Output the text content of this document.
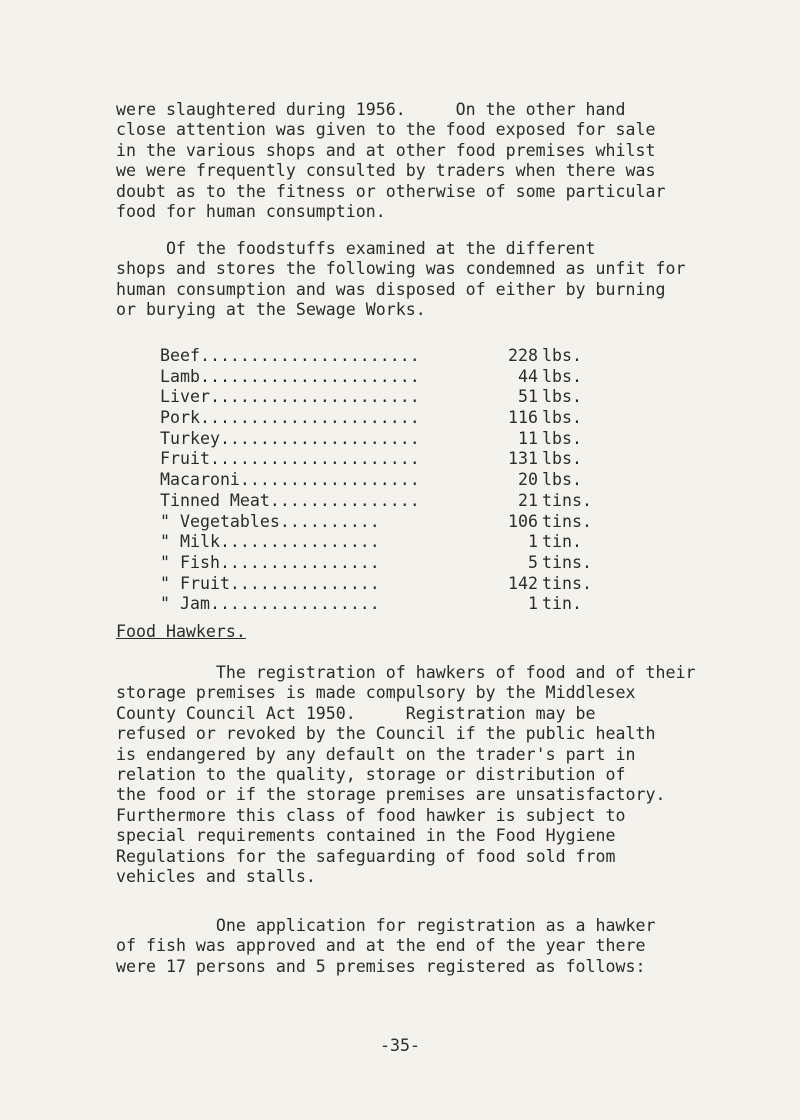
were slaughtered during 1956.     On the other hand
close attention was given to the food exposed for sale
in the various shops and at other food premises whilst
we were frequently consulted by traders when there was
doubt as to the fitness or otherwise of some particular
food for human consumption.

Of the foodstuffs examined at the different
shops and stores the following was condemned as unfit for
human consumption and was disposed of either by burning
or burying at the Sewage Works.

Beef......................	228 lbs.
Lamb......................	44 lbs.
Liver.....................	51 lbs.
Pork......................	116 lbs.
Turkey....................	11 lbs.
Fruit.....................	131 lbs.
Macaroni..................	20 lbs.
Tinned Meat...............	21 tins.
" Vegetables..........	106 tins.
" Milk................	1 tin.
" Fish................	5 tins.
" Fruit...............	142 tins.
" Jam.................	1 tin.

Food Hawkers.

The registration of hawkers of food and of their
storage premises is made compulsory by the Middlesex
County Council Act 1950.     Registration may be
refused or revoked by the Council if the public health
is endangered by any default on the trader's part in
relation to the quality, storage or distribution of
the food or if the storage premises are unsatisfactory.
Furthermore this class of food hawker is subject to
special requirements contained in the Food Hygiene
Regulations for the safeguarding of food sold from
vehicles and stalls.

One application for registration as a hawker
of fish was approved and at the end of the year there
were 17 persons and 5 premises registered as follows:

-35-
